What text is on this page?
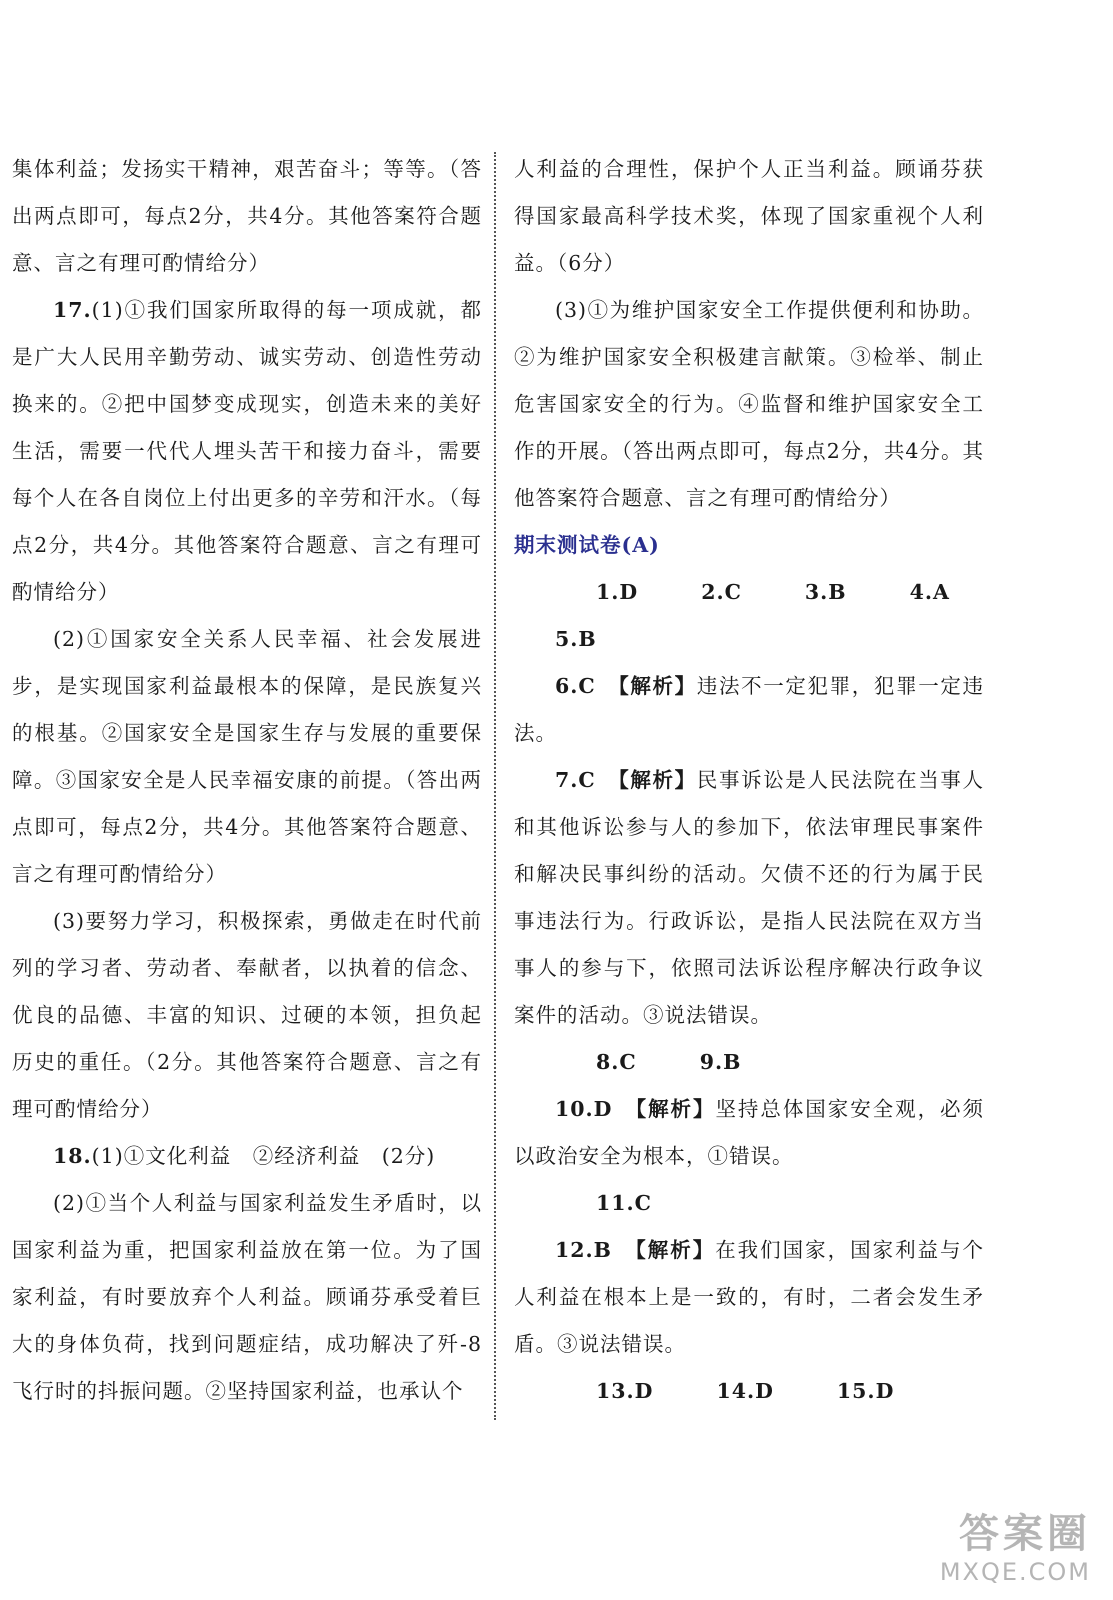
集体利益；发扬实干精神，艰苦奋斗；等等。（答出两点即可，每点2分，共4分。其他答案符合题意、言之有理可酌情给分）

17.(1)①我们国家所取得的每一项成就，都是广大人民用辛勤劳动、诚实劳动、创造性劳动换来的。②把中国梦变成现实，创造未来的美好生活，需要一代代人埋头苦干和接力奋斗，需要每个人在各自岗位上付出更多的辛劳和汗水。（每点2分，共4分。其他答案符合题意、言之有理可酌情给分）

(2)①国家安全关系人民幸福、社会发展进步，是实现国家利益最根本的保障，是民族复兴的根基。②国家安全是国家生存与发展的重要保障。③国家安全是人民幸福安康的前提。（答出两点即可，每点2分，共4分。其他答案符合题意、言之有理可酌情给分）

(3)要努力学习，积极探索，勇做走在时代前列的学习者、劳动者、奉献者，以执着的信念、优良的品德、丰富的知识、过硬的本领，担负起历史的重任。（2分。其他答案符合题意、言之有理可酌情给分）

18.(1)①文化利益　②经济利益　(2分)

(2)①当个人利益与国家利益发生矛盾时，以国家利益为重，把国家利益放在第一位。为了国家利益，有时要放弃个人利益。顾诵芬承受着巨大的身体负荷，找到问题症结，成功解决了歼-8飞行时的抖振问题。②坚持国家利益，也承认个

人利益的合理性，保护个人正当利益。顾诵芬获得国家最高科学技术奖，体现了国家重视个人利益。（6分）

(3)①为维护国家安全工作提供便利和协助。②为维护国家安全积极建言献策。③检举、制止危害国家安全的行为。④监督和维护国家安全工作的开展。（答出两点即可，每点2分，共4分。其他答案符合题意、言之有理可酌情给分）

期末测试卷(A)

1.D	2.C	3.B	4.A5.B

6.C　 【解析】违法不一定犯罪，犯罪一定违法。

7.C　 【解析】民事诉讼是人民法院在当事人和其他诉讼参与人的参加下，依法审理民事案件和解决民事纠纷的活动。欠债不还的行为属于民事违法行为。行政诉讼，是指人民法院在双方当事人的参与下，依照司法诉讼程序解决行政争议案件的活动。③说法错误。

8.C	9.B

10.D　 【解析】坚持总体国家安全观，必须以政治安全为根本，①错误。

11.C

12.B　 【解析】在我们国家，国家利益与个人利益在根本上是一致的，有时，二者会发生矛盾。③说法错误。

13.D	14.D	15.D

答案圈
MXQE.COM
